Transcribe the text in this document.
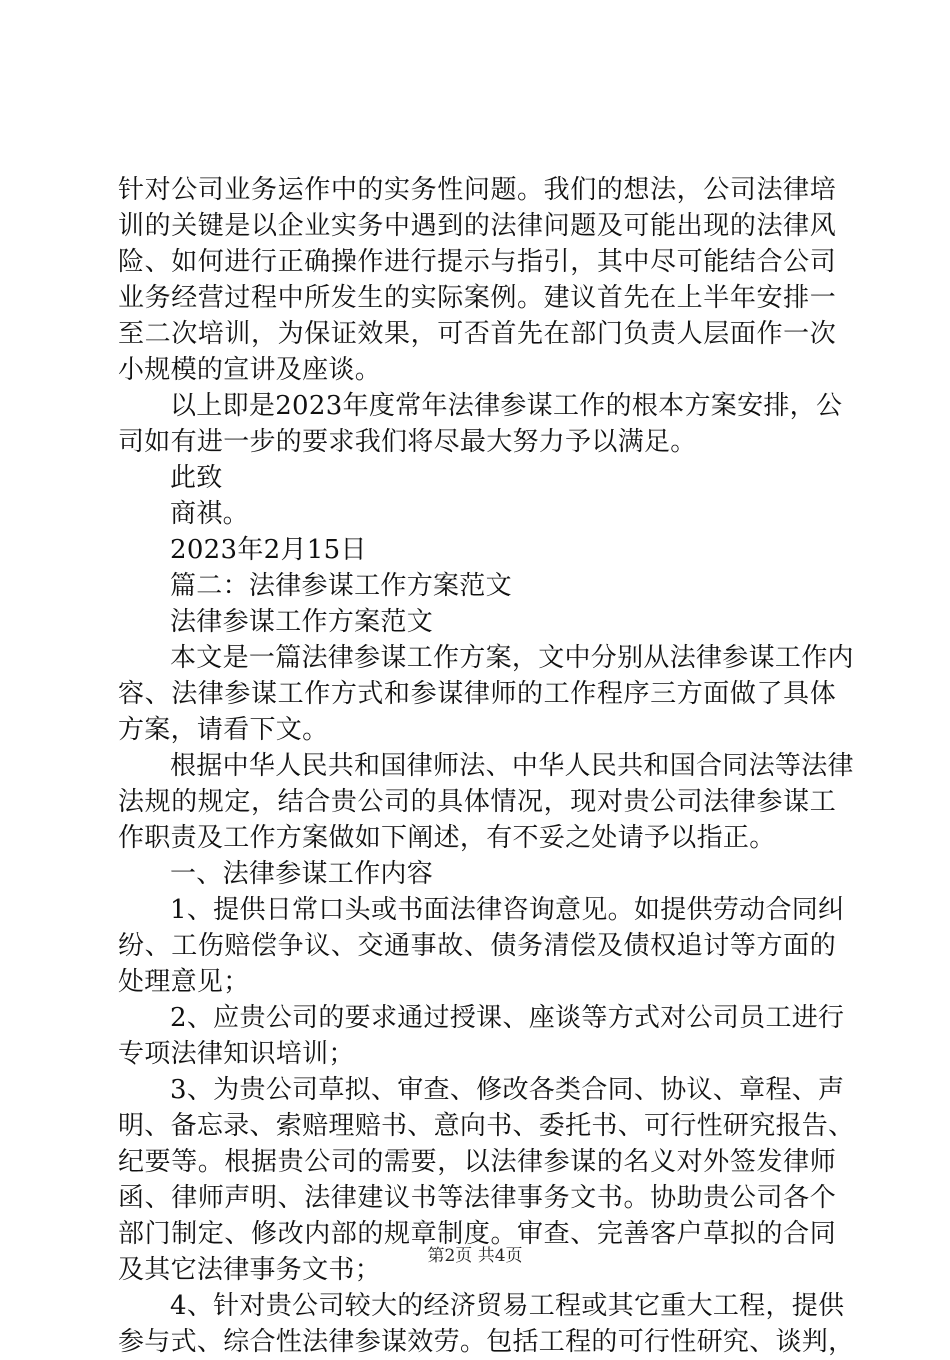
针对公司业务运作中的实务性问题。我们的想法，公司法律培
训的关键是以企业实务中遇到的法律问题及可能出现的法律风
险、如何进行正确操作进行提示与指引，其中尽可能结合公司
业务经营过程中所发生的实际案例。建议首先在上半年安排一
至二次培训，为保证效果，可否首先在部门负责人层面作一次
小规模的宣讲及座谈。
以上即是2023年度常年法律参谋工作的根本方案安排，公
司如有进一步的要求我们将尽最大努力予以满足。
此致
商祺。
2023年2月15日
篇二：法律参谋工作方案范文
法律参谋工作方案范文
本文是一篇法律参谋工作方案，文中分别从法律参谋工作内
容、法律参谋工作方式和参谋律师的工作程序三方面做了具体
方案，请看下文。
根据中华人民共和国律师法、中华人民共和国合同法等法律
法规的规定，结合贵公司的具体情况，现对贵公司法律参谋工
作职责及工作方案做如下阐述，有不妥之处请予以指正。
一、法律参谋工作内容
1、提供日常口头或书面法律咨询意见。如提供劳动合同纠
纷、工伤赔偿争议、交通事故、债务清偿及债权追讨等方面的
处理意见；
2、应贵公司的要求通过授课、座谈等方式对公司员工进行
专项法律知识培训；
3、为贵公司草拟、审查、修改各类合同、协议、章程、声
明、备忘录、索赔理赔书、意向书、委托书、可行性研究报告、
纪要等。根据贵公司的需要，以法律参谋的名义对外签发律师
函、律师声明、法律建议书等法律事务文书。协助贵公司各个
部门制定、修改内部的规章制度。审查、完善客户草拟的合同
及其它法律事务文书；
4、针对贵公司较大的经济贸易工程或其它重大工程，提供
参与式、综合性法律参谋效劳。包括工程的可行性研究、谈判，
第2页 共4页
